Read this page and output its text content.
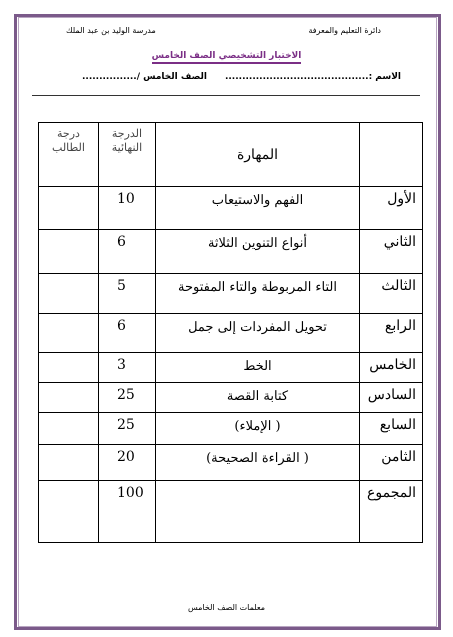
دائرة التعليم والمعرفة
مدرسة الوليد بن عبد الملك
الاختبار التشخيصي الصف الخامس
الاسم :..........................................
الصف الخامس /................
درجة الطالب	الدرجة النهائية	المهارة	
	10	الفهم والاستيعاب	الأول
	6	أنواع التنوين الثلاثة	الثاني
	5	التاء المربوطة والتاء المفتوحة	الثالث
	6	تحويل المفردات إلى جمل	الرابع
	3	الخط	الخامس
	25	كتابة القصة	السادس
	25	( الإملاء)	السابع
	20	( القراءة الصحيحة)	الثامن
	100		المجموع
معلمات الصف الخامس
